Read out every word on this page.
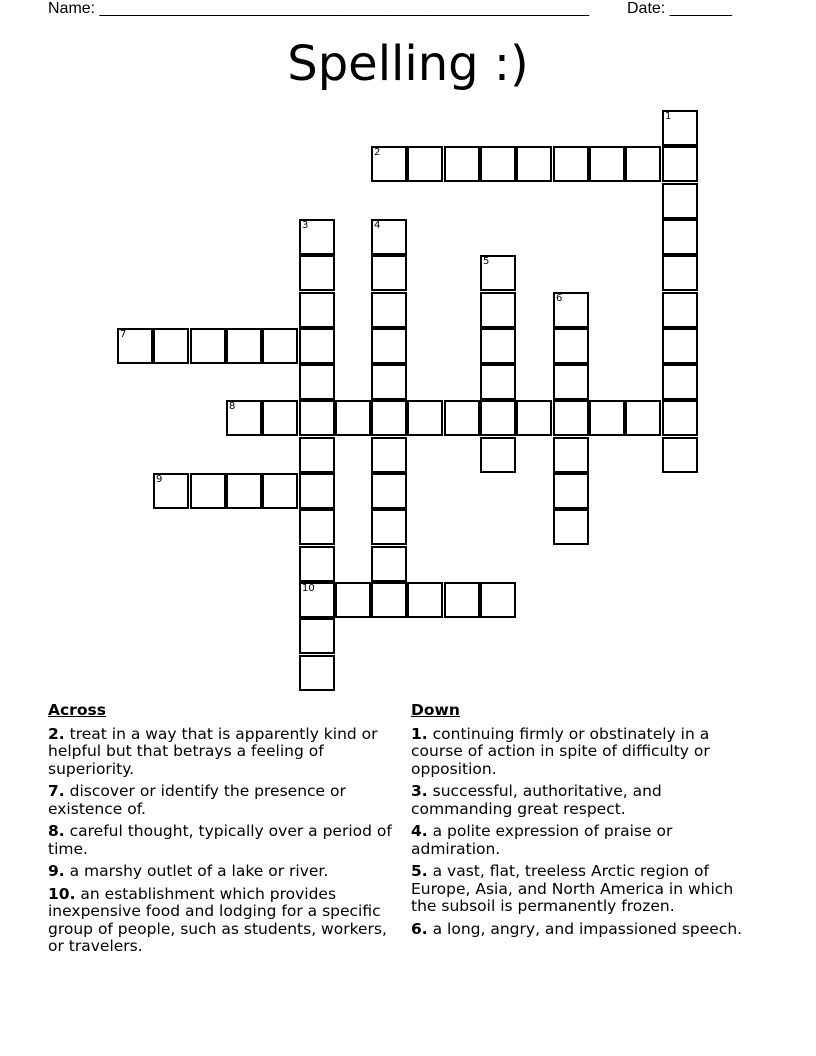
Name: _______________________________________________________ Date: _______
Spelling :)
1
2
3
10
4
5
6
7
8
9
Across
2. treat in a way that is apparently kind or helpful but that betrays a feeling of superiority.
7. discover or identify the presence or existence of.
8. careful thought, typically over a period of time.
9. a marshy outlet of a lake or river.
10. an establishment which provides inexpensive food and lodging for a specific group of people, such as students, workers, or travelers.
Down
1. continuing firmly or obstinately in a course of action in spite of difficulty or opposition.
3. successful, authoritative, and commanding great respect.
4. a polite expression of praise or admiration.
5. a vast, flat, treeless Arctic region of Europe, Asia, and North America in which the subsoil is permanently frozen.
6. a long, angry, and impassioned speech.
